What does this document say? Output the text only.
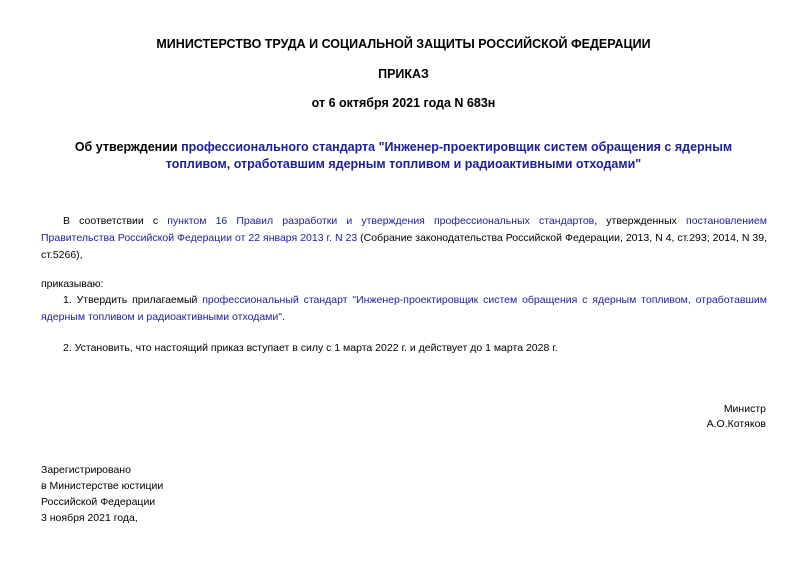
МИНИСТЕРСТВО ТРУДА И СОЦИАЛЬНОЙ ЗАЩИТЫ РОССИЙСКОЙ ФЕДЕРАЦИИ
ПРИКАЗ
от 6 октября 2021 года N 683н
Об утверждении профессионального стандарта "Инженер-проектировщик систем обращения с ядерным топливом, отработавшим ядерным топливом и радиоактивными отходами"
В соответствии с пунктом 16 Правил разработки и утверждения профессиональных стандартов, утвержденных постановлением Правительства Российской Федерации от 22 января 2013 г. N 23 (Собрание законодательства Российской Федерации, 2013, N 4, ст.293; 2014, N 39, ст.5266),
приказываю:
1. Утвердить прилагаемый профессиональный стандарт "Инженер-проектировщик систем обращения с ядерным топливом, отработавшим ядерным топливом и радиоактивными отходами".
2. Установить, что настоящий приказ вступает в силу с 1 марта 2022 г. и действует до 1 марта 2028 г.
Министр
А.О.Котяков
Зарегистрировано
в Министерстве юстиции
Российской Федерации
3 ноября 2021 года,
